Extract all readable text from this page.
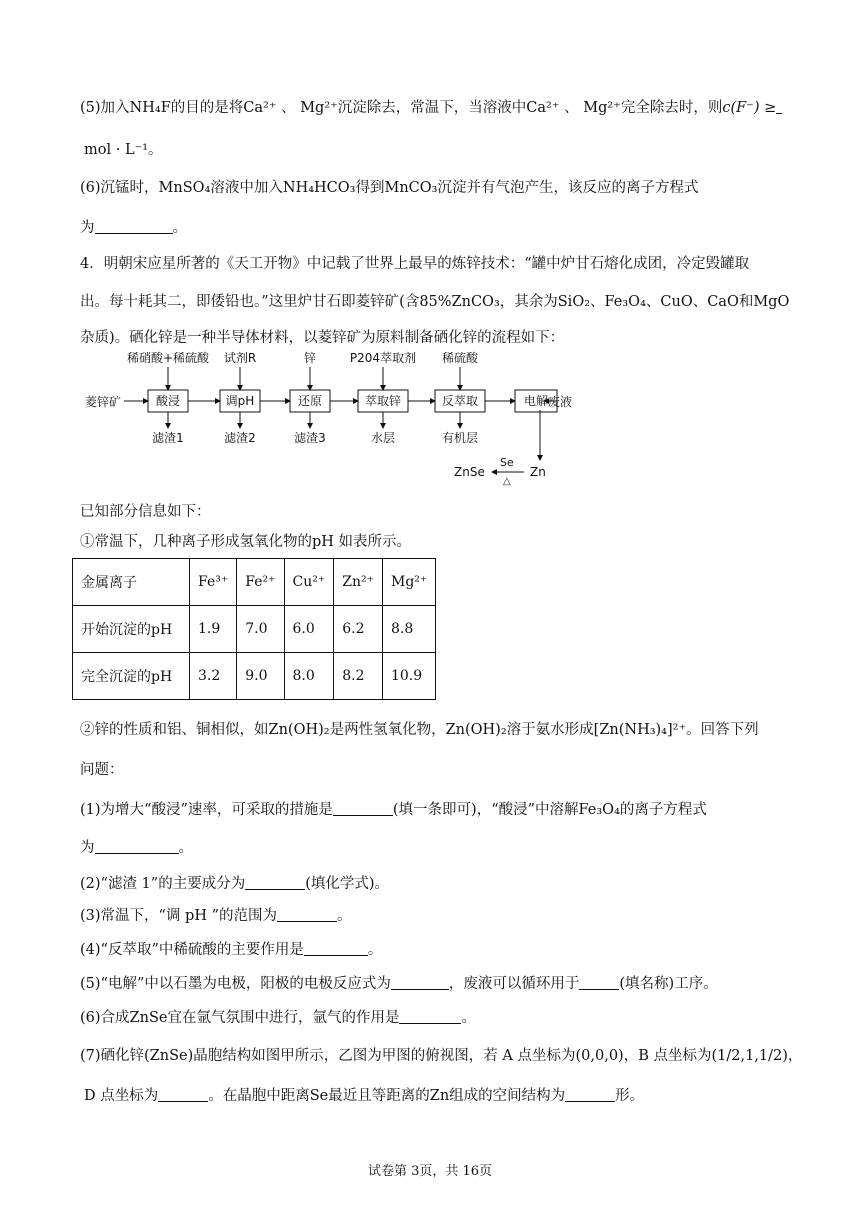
(5)加入NH₄F的目的是将Ca²⁺ 、 Mg²⁺沉淀除去，常温下，当溶液中Ca²⁺ 、 Mg²⁺完全除去时，则c(F⁻) ≥
mol · L⁻¹。
(6)沉锰时，MnSO₄溶液中加入NH₄HCO₃得到MnCO₃沉淀并有气泡产生，该反应的离子方程式
为	。
4．明朝宋应星所著的《天工开物》中记载了世界上最早的炼锌技术：“罐中炉甘石熔化成团，冷定毁罐取
出。每十耗其二，即倭铅也。”这里炉甘石即菱锌矿(含85%ZnCO₃，其余为SiO₂、Fe₃O₄、CuO、CaO和MgO
杂质)。硒化锌是一种半导体材料，以菱锌矿为原料制备硒化锌的流程如下：
菱锌矿	酸浸
稀硝酸+稀硫酸
滤渣1
调pH
试剂R
滤渣2
还原
锌
滤渣3
萃取锌
P204萃取剂
水层
反萃取
稀硫酸
有机层
电解 废液
Zn
Se
△
ZnSe
已知部分信息如下：
①常温下，几种离子形成氢氧化物的pH 如表所示。
金属离子	Fe³⁺	Fe²⁺	Cu²⁺	Zn²⁺	Mg²⁺
开始沉淀的pH	1.9	7.0	6.0	6.2	8.8
完全沉淀的pH	3.2	9.0	8.0	8.2	10.9
②锌的性质和铝、铜相似，如Zn(OH)₂是两性氢氧化物，Zn(OH)₂溶于氨水形成[Zn(NH₃)₄]²⁺。回答下列
问题：
(1)为增大“酸浸”速率，可采取的措施是	(填一条即可)，“酸浸”中溶解Fe₃O₄的离子方程式
为	。
(2)“滤渣 1”的主要成分为	(填化学式)。
(3)常温下，“调 pH ”的范围为	。
(4)“反萃取”中稀硫酸的主要作用是	。
(5)“电解”中以石墨为电极，阳极的电极反应式为	，废液可以循环用于	(填名称)工序。
(6)合成ZnSe宜在氩气氛围中进行，氩气的作用是	。
(7)硒化锌(ZnSe)晶胞结构如图甲所示，乙图为甲图的俯视图，若 A 点坐标为(0,0,0)，B 点坐标为(1/2,1,1/2)，
D 点坐标为	。在晶胞中距离Se最近且等距离的Zn组成的空间结构为	形。
试卷第 3页，共 16页
